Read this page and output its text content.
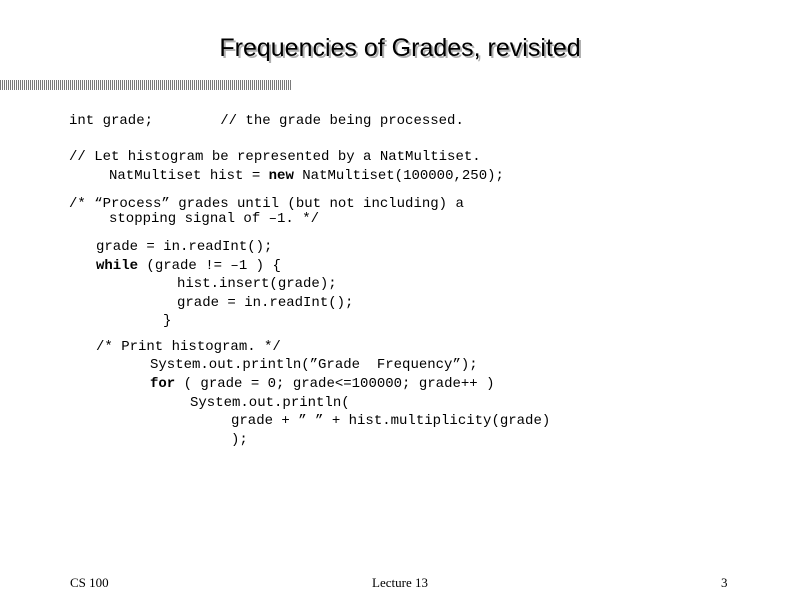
Frequencies of Grades, revisited
int grade;        // the grade being processed.
// Let histogram be represented by a NatMultiset.
NatMultiset hist = new NatMultiset(100000,250);
/* “Process” grades until (but not including) a
stopping signal of –1. */
grade = in.readInt();
while (grade != –1 ) {
hist.insert(grade);
grade = in.readInt();
}
/* Print histogram. */
System.out.println(”Grade  Frequency”);
for ( grade = 0; grade<=100000; grade++ )
System.out.println(
grade + ” ” + hist.multiplicity(grade)
);
CS 100	Lecture 13	3
